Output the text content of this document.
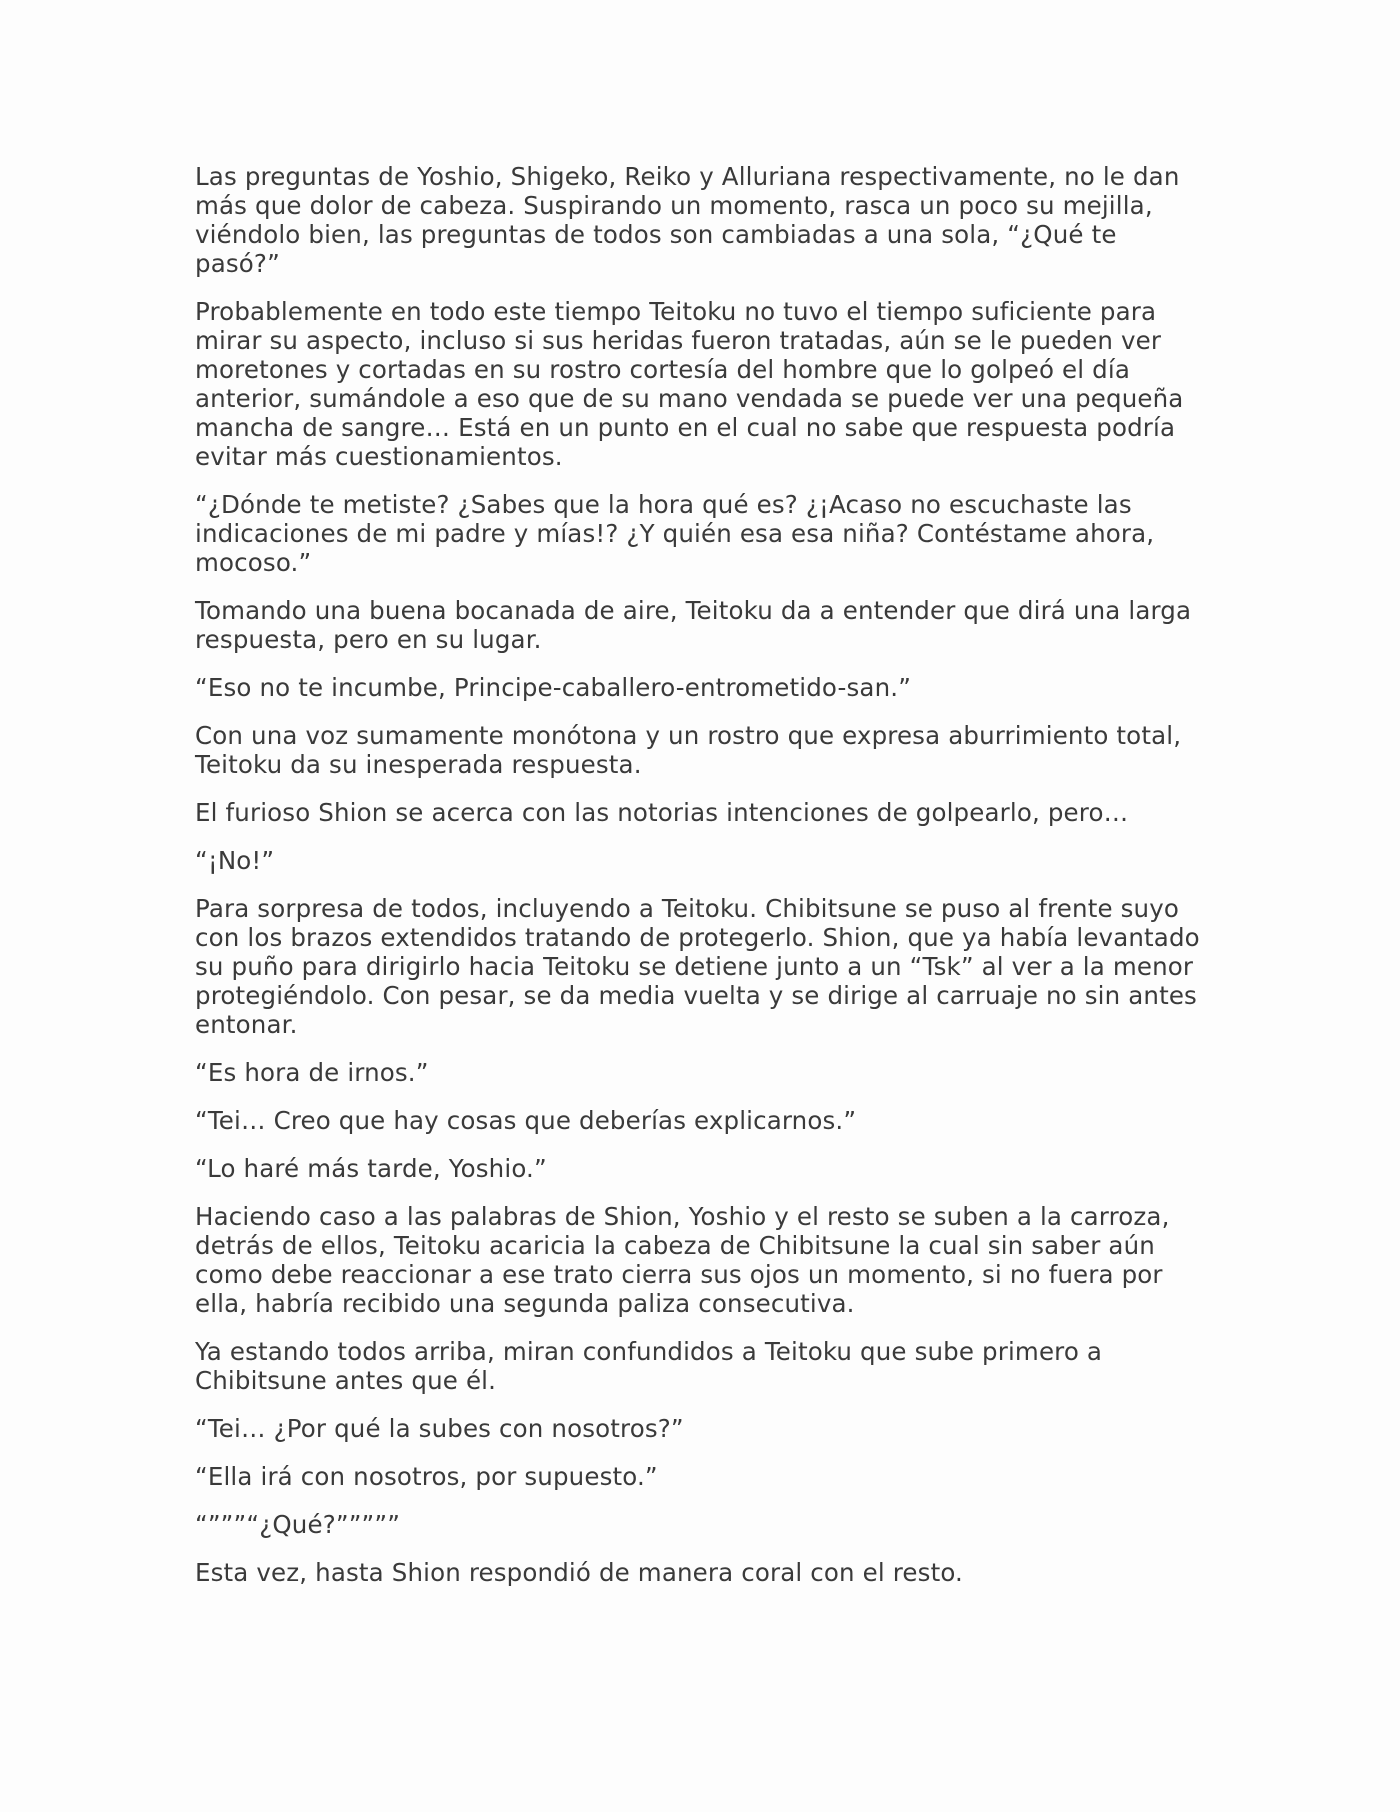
Las preguntas de Yoshio, Shigeko, Reiko y Alluriana respectivamente, no le dan más que dolor de cabeza. Suspirando un momento, rasca un poco su mejilla, viéndolo bien, las preguntas de todos son cambiadas a una sola, “¿Qué te pasó?”

Probablemente en todo este tiempo Teitoku no tuvo el tiempo suficiente para mirar su aspecto, incluso si sus heridas fueron tratadas, aún se le pueden ver moretones y cortadas en su rostro cortesía del hombre que lo golpeó el día anterior, sumándole a eso que de su mano vendada se puede ver una pequeña mancha de sangre… Está en un punto en el cual no sabe que respuesta podría evitar más cuestionamientos.

“¿Dónde te metiste? ¿Sabes que la hora qué es? ¿¡Acaso no escuchaste las indicaciones de mi padre y mías!? ¿Y quién esa esa niña? Contéstame ahora, mocoso.”

Tomando una buena bocanada de aire, Teitoku da a entender que dirá una larga respuesta, pero en su lugar.

“Eso no te incumbe, Principe-caballero-entrometido-san.”

Con una voz sumamente monótona y un rostro que expresa aburrimiento total, Teitoku da su inesperada respuesta.

El furioso Shion se acerca con las notorias intenciones de golpearlo, pero…

“¡No!”

Para sorpresa de todos, incluyendo a Teitoku. Chibitsune se puso al frente suyo con los brazos extendidos tratando de protegerlo. Shion, que ya había levantado su puño para dirigirlo hacia Teitoku se detiene junto a un “Tsk” al ver a la menor protegiéndolo. Con pesar, se da media vuelta y se dirige al carruaje no sin antes entonar.

“Es hora de irnos.”

“Tei… Creo que hay cosas que deberías explicarnos.”

“Lo haré más tarde, Yoshio.”

Haciendo caso a las palabras de Shion, Yoshio y el resto se suben a la carroza, detrás de ellos, Teitoku acaricia la cabeza de Chibitsune la cual sin saber aún como debe reaccionar a ese trato cierra sus ojos un momento, si no fuera por ella, habría recibido una segunda paliza consecutiva.

Ya estando todos arriba, miran confundidos a Teitoku que sube primero a Chibitsune antes que él.

“Tei… ¿Por qué la subes con nosotros?”

“Ella irá con nosotros, por supuesto.”

“”””“¿Qué?”””””

Esta vez, hasta Shion respondió de manera coral con el resto.
